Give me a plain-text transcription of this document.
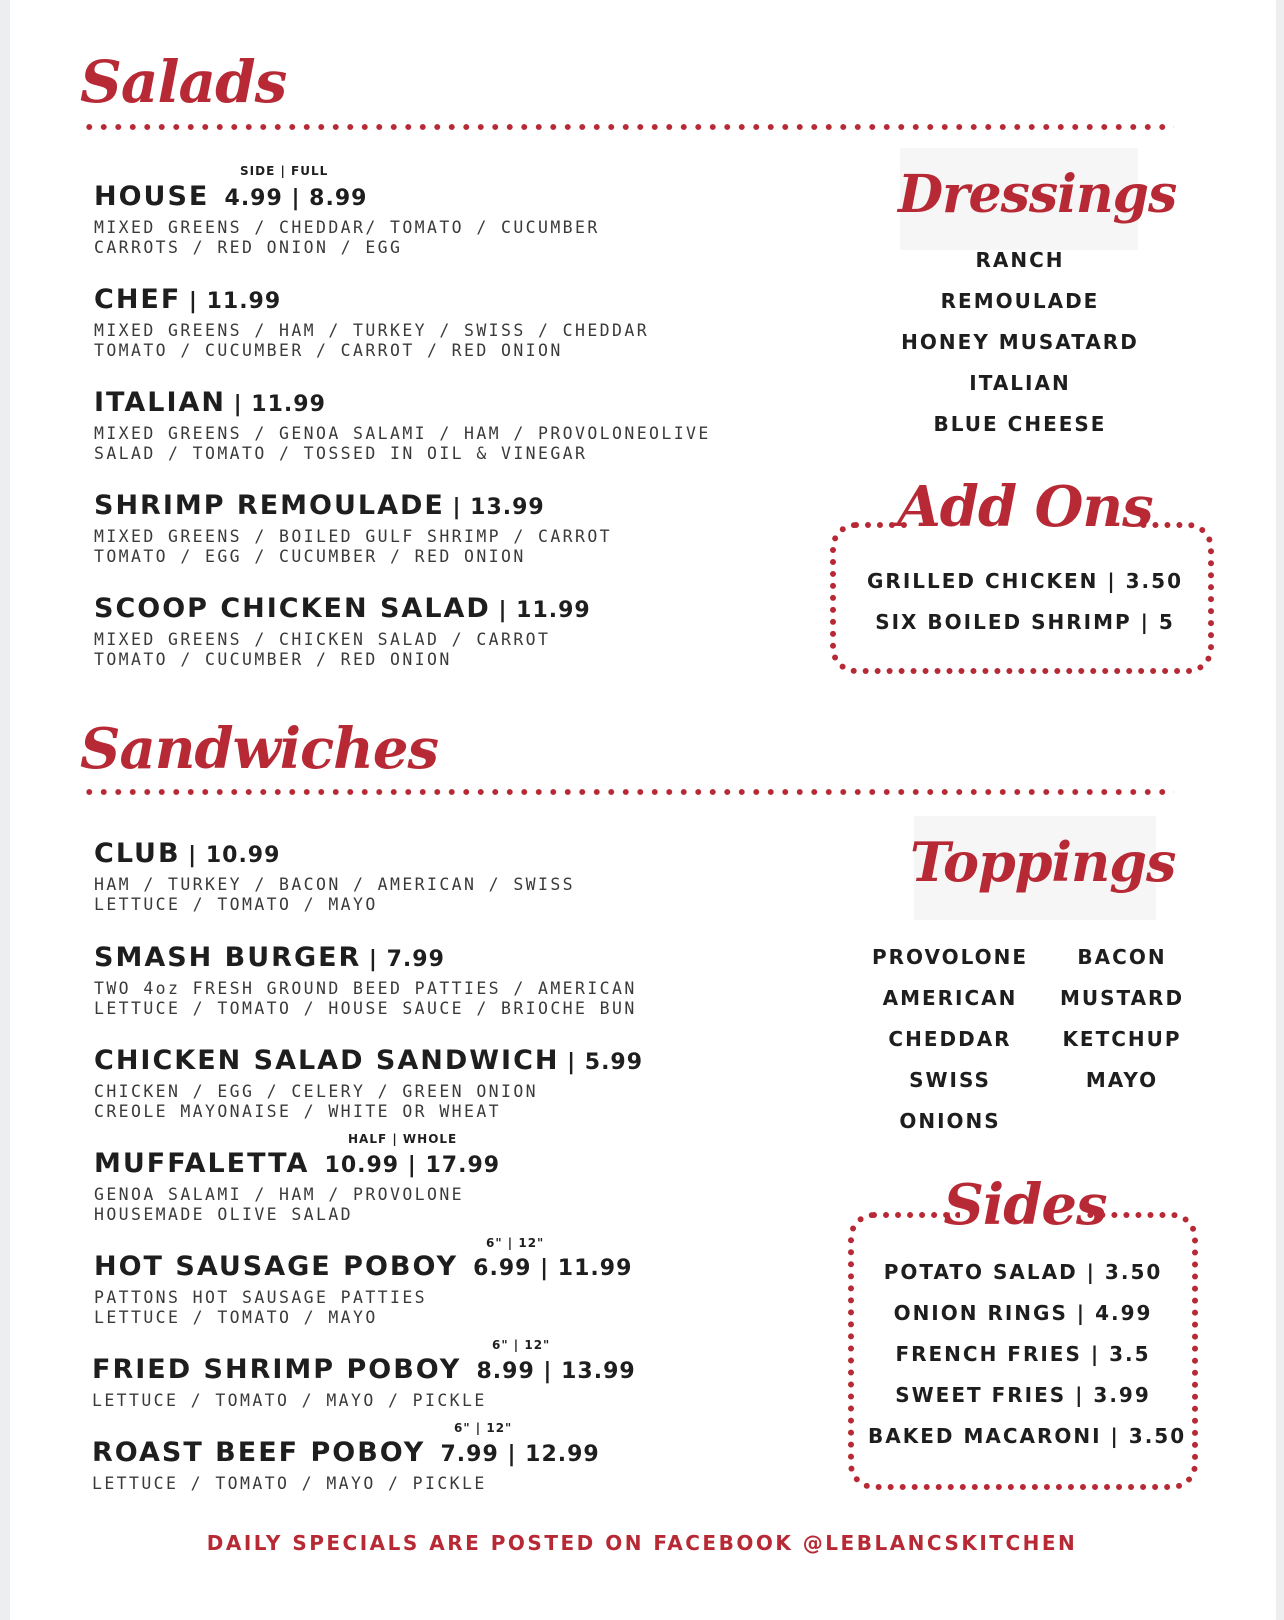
Salads
SIDE | FULL
HOUSE 4.99 | 8.99
MIXED GREENS / CHEDDAR/ TOMATO / CUCUMBER
CARROTS / RED ONION / EGG
CHEF | 11.99
MIXED GREENS / HAM / TURKEY / SWISS / CHEDDAR
TOMATO / CUCUMBER / CARROT / RED ONION
ITALIAN | 11.99
MIXED GREENS / GENOA SALAMI / HAM / PROVOLONEOLIVE
SALAD / TOMATO / TOSSED IN OIL & VINEGAR
SHRIMP REMOULADE | 13.99
MIXED GREENS / BOILED GULF SHRIMP / CARROT
TOMATO / EGG / CUCUMBER / RED ONION
SCOOP CHICKEN SALAD | 11.99
MIXED GREENS / CHICKEN SALAD / CARROT
TOMATO / CUCUMBER / RED ONION
Dressings
RANCH
REMOULADE
HONEY MUSATARD
ITALIAN
BLUE CHEESE
Add Ons
GRILLED CHICKEN | 3.50
SIX BOILED SHRIMP | 5
Sandwiches
CLUB | 10.99
HAM / TURKEY / BACON / AMERICAN / SWISS
LETTUCE / TOMATO / MAYO
SMASH BURGER | 7.99
TWO 4oz FRESH GROUND BEED PATTIES / AMERICAN
LETTUCE / TOMATO / HOUSE SAUCE / BRIOCHE BUN
CHICKEN SALAD SANDWICH | 5.99
CHICKEN / EGG / CELERY / GREEN ONION
CREOLE MAYONAISE / WHITE OR WHEAT
HALF | WHOLE
MUFFALETTA 10.99 | 17.99
GENOA SALAMI / HAM / PROVOLONE
HOUSEMADE OLIVE SALAD
6" | 12"
HOT SAUSAGE POBOY 6.99 | 11.99
PATTONS HOT SAUSAGE PATTIES
LETTUCE / TOMATO / MAYO
6" | 12"
FRIED SHRIMP POBOY 8.99 | 13.99
LETTUCE / TOMATO / MAYO / PICKLE
6" | 12"
ROAST BEEF POBOY 7.99 | 12.99
LETTUCE / TOMATO / MAYO / PICKLE
Toppings
PROVOLONE
AMERICAN
CHEDDAR
SWISS
ONIONS
BACON
MUSTARD
KETCHUP
MAYO
Sides
POTATO SALAD | 3.50
ONION RINGS | 4.99
FRENCH FRIES | 3.5
SWEET FRIES | 3.99
BAKED MACARONI | 3.50
DAILY SPECIALS ARE POSTED ON FACEBOOK @LEBLANCSKITCHEN
